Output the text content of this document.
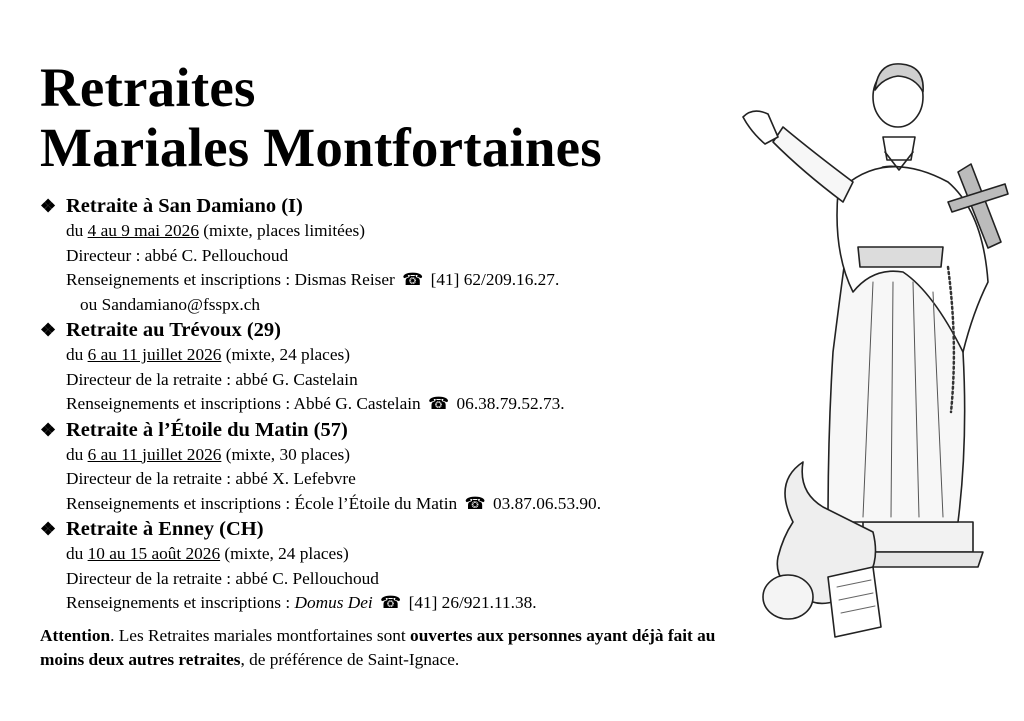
Retraites
Mariales Montfortaines
❖ Retraite à San Damiano (I)
du 4 au 9 mai 2026 (mixte, places limitées)
Directeur : abbé C. Pellouchoud
Renseignements et inscriptions : Dismas Reiser ☎ [41] 62/209.16.27.
ou Sandamiano@fsspx.ch
❖ Retraite au Trévoux (29)
du 6 au 11 juillet 2026 (mixte, 24 places)
Directeur de la retraite : abbé G. Castelain
Renseignements et inscriptions : Abbé G. Castelain ☎ 06.38.79.52.73.
❖ Retraite à l’Étoile du Matin (57)
du 6 au 11 juillet 2026 (mixte, 30 places)
Directeur de la retraite : abbé X. Lefebvre
Renseignements et inscriptions : École l’Étoile du Matin ☎ 03.87.06.53.90.
❖ Retraite à Enney (CH)
du 10 au 15 août 2026 (mixte, 24 places)
Directeur de la retraite : abbé C. Pellouchoud
Renseignements et inscriptions : Domus Dei ☎ [41] 26/921.11.38.
Attention. Les Retraites mariales montfortaines sont ouvertes aux personnes ayant déjà fait au moins deux autres retraites, de préférence de Saint-Ignace.
